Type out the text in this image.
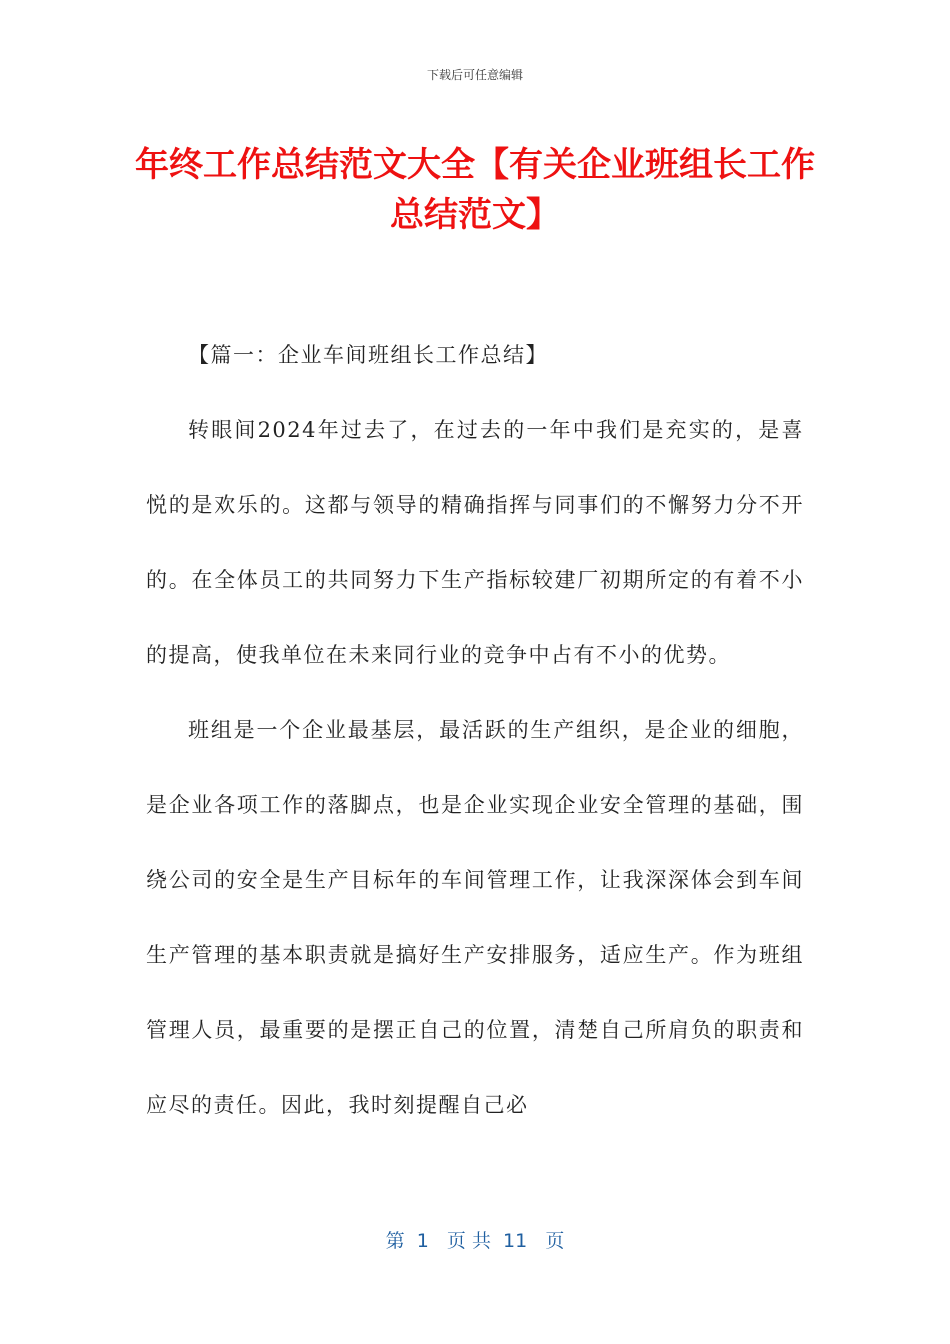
下载后可任意编辑
年终工作总结范文大全【有关企业班组长工作总结范文】

【篇一：企业车间班组长工作总结】

转眼间2024年过去了，在过去的一年中我们是充实的，是喜悦的是欢乐的。这都与领导的精确指挥与同事们的不懈努力分不开的。在全体员工的共同努力下生产指标较建厂初期所定的有着不小的提高，使我单位在未来同行业的竞争中占有不小的优势。

班组是一个企业最基层，最活跃的生产组织，是企业的细胞，是企业各项工作的落脚点，也是企业实现企业安全管理的基础，围绕公司的安全是生产目标年的车间管理工作，让我深深体会到车间生产管理的基本职责就是搞好生产安排服务，适应生产。作为班组管理人员，最重要的是摆正自己的位置，清楚自己所肩负的职责和应尽的责任。因此，我时刻提醒自己必

第  1   页 共  11   页
